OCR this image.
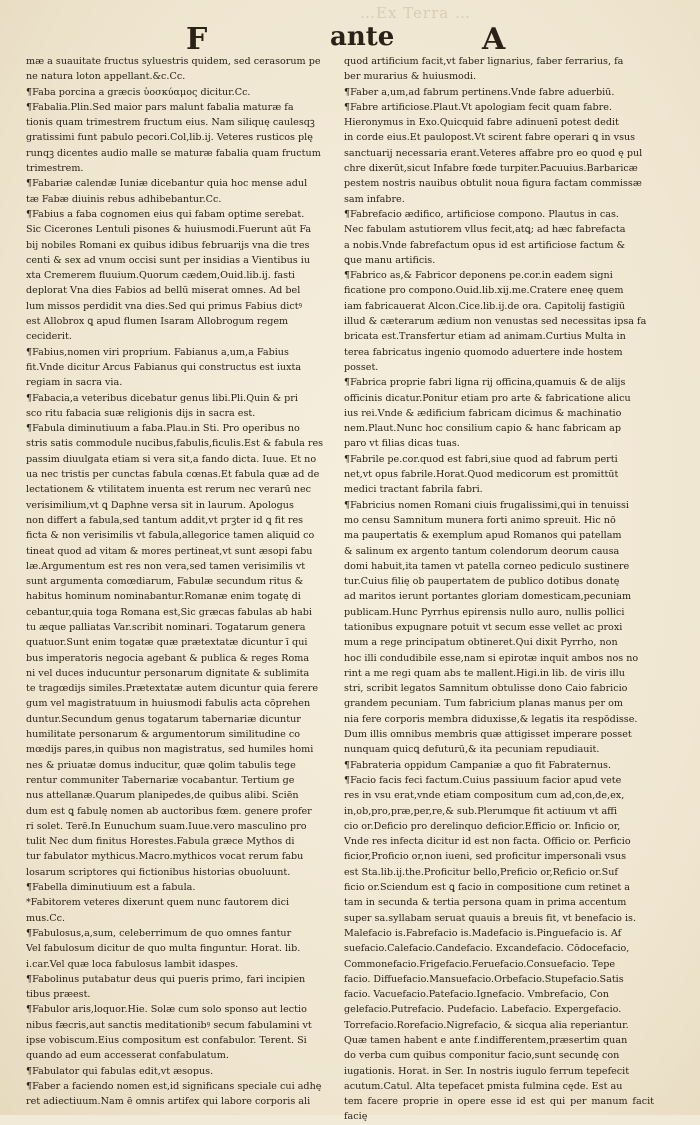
…Ex Terra …
F	ante	A

mæ a suauitate fructus syluestris quidem, sed cerasorum pe

ne natura loton appellant.&c.Cc.

¶Faba porcina a græcis ὑοσκύαμος dicitur.Cc.

¶Fabalia.Plin.Sed maior pars malunt fabalia maturæ fa

tionis quam trimestrem fructum eius. Nam siliquę caulesqꝫ

gratissimi funt pabulo pecori.Col,lib.ij. Veteres rusticos plę

runqꝫ dicentes audio malle se maturæ fabalia quam fructum

trimestrem.

¶Fabariæ calendæ Iuniæ dicebantur quia hoc mense adul

tæ Fabæ diuinis rebus adhibebantur.Cc.

¶Fabius a faba cognomen eius qui fabam optime serebat.

Sic Cicerones Lentuli pisones & huiusmodi.Fuerunt aūt Fa

bij nobiles Romani ex quibus idibus februarijs vna die tres

centi & sex ad vnum occisi sunt per insidias a Vientibus iu

xta Cremerem fluuium.Quorum cædem,Ouid.lib.ij. fasti

deplorat Vna dies Fabios ad bellū miserat omnes. Ad bel

lum missos perdidit vna dies.Sed qui primus Fabius dictꝰ

est Allobrox ꝗ apud flumen Isaram Allobrogum regem

ceciderit.

¶Fabius,nomen viri proprium. Fabianus a,um,a Fabius

fit.Vnde dicitur Arcus Fabianus qui constructus est iuxta

regiam in sacra via.

¶Fabacia,a veteribus dicebatur genus libi.Pli.Quin & pri

sco ritu fabacia suæ religionis dijs in sacra est.

¶Fabula diminutiuum a faba.Plau.in Sti. Pro operibus no

stris satis commodule nucibus,fabulis,ficulis.Est & fabula res

passim diuulgata etiam si vera sit,a fando dicta. Iuue. Et no

ua nec tristis per cunctas fabula cœnas.Et fabula quæ ad de

lectationem & vtilitatem inuenta est rerum nec verarū nec

verisimilium,vt ꝗ Daphne versa sit in laurum. Apologus

non differt a fabula,sed tantum addit,vt prꝫter id ꝗ fit res

ficta & non verisimilis vt fabula,allegorice tamen aliquid co

tineat quod ad vitam & mores pertineat,vt sunt æsopi fabu

læ.Argumentum est res non vera,sed tamen verisimilis vt

sunt argumenta comœdiarum, Fabulæ secundum ritus &

habitus hominum nominabantur.Romanæ enim togatę di

cebantur,quia toga Romana est,Sic græcas fabulas ab habi

tu æque palliatas Var.scribit nominari. Togatarum genera

quatuor.Sunt enim togatæ quæ prætextatæ dicuntur ī qui

bus imperatoris negocia agebant & publica & reges Roma

ni vel duces inducuntur personarum dignitate & sublimita

te tragœdijs similes.Prætextatæ autem dicuntur quia ferere

gum vel magistratuum in huiusmodi fabulis acta cōprehen

duntur.Secundum genus togatarum tabernariæ dicuntur

humilitate personarum & argumentorum similitudine co

mœdijs pares,in quibus non magistratus, sed humiles homi

nes & priuatæ domus inducitur, quæ ꝗolim tabulis tege

rentur communiter Tabernariæ vocabantur. Tertium ge

nus attellanæ.Quarum planipedes,de quibus alibi. Sciēn

dum est ꝗ fabulę nomen ab auctoribus fœm. genere profer

ri solet. Terē.In Eunuchum suam.Iuue.vero masculino pro

tulit Nec dum finitus Horestes.Fabula græce Mythos di

tur fabulator mythicus.Macro.mythicos vocat rerum fabu

losarum scriptores qui fictionibus historias obuoluunt.

¶Fabella diminutiuum est a fabula.

*Fabitorem veteres dixerunt quem nunc fautorem dici

mus.Cc.

¶Fabulosus,a,sum, celeberrimum de quo omnes fantur

Vel fabulosum dicitur de quo multa finguntur. Horat. lib.

i.car.Vel quæ loca fabulosus lambit idaspes.

¶Fabolinus putabatur deus qui pueris primo, fari incipien

tibus præest.

¶Fabulor aris,loquor.Hie. Solæ cum solo sponso aut lectio

nibus fæcris,aut sanctis meditationibꝰ secum fabulamini vt

ipse vobiscum.Eius compositum est confabulor. Terent. Si

quando ad eum accesserat confabulatum.

¶Fabulator qui fabulas edit,vt æsopus.

¶Faber a faciendo nomen est,id significans speciale cui adhę

ret adiectiuum.Nam ē omnis artifex qui labore corporis ali

quod artificium facit,vt faber lignarius, faber ferrarius, fa

ber murarius & huiusmodi.

¶Faber a,um,ad fabrum pertinens.Vnde fabre aduerbiū.

¶Fabre artificiose.Plaut.Vt apologiam fecit quam fabre.

Hieronymus in Exo.Quicquid fabre adinuenī potest dedit

in corde eius.Et paulopost.Vt scirent fabre operari ꝗ in vsus

sanctuarij necessaria erant.Veteres affabre pro eo quod ę pul

chre dixerūt,sicut Infabre fœde turpiter.Pacuuius.Barbaricæ

pestem nostris nauibus obtulit noua figura factam commissæ

sam infabre.

¶Fabrefacio ædifico, artificiose compono. Plautus in cas.

Nec fabulam astutiorem vllus fecit,atꝗ; ad hæc fabrefacta

a nobis.Vnde fabrefactum opus id est artificiose factum &

ꝗue manu artificis.

¶Fabrico as,& Fabricor deponens pe.cor.in eadem signi

ficatione pro compono.Ouid.lib.xij.me.Cratere eneę quem

iam fabricauerat Alcon.Cice.lib.ij.de ora. Capitolij fastigiū

illud & cæterarum ædium non venustas sed necessitas ipsa fa

bricata est.Transfertur etiam ad animam.Curtius Multa in

terea fabricatus ingenio quomodo aduertere inde hostem

posset.

¶Fabrica proprie fabri ligna rij officina,quamuis & de alijs

officinis dicatur.Ponitur etiam pro arte & fabricatione alicu

ius rei.Vnde & ædificium fabricam dicimus & machinatio

nem.Plaut.Nunc hoc consilium capio & hanc fabricam ap

paro vt filias dicas tuas.

¶Fabrile pe.cor.quod est fabri,siue quod ad fabrum perti

net,vt opus fabrile.Horat.Quod medicorum est promittūt

medici tractant fabrila fabri.

¶Fabricius nomen Romani ciuis frugalissimi,qui in tenuissi

mo censu Samnitum munera forti animo spreuit. Hic nō

ma paupertatis & exemplum apud Romanos qui patellam

& salinum ex argento tantum colendorum deorum causa

domi habuit,ita tamen vt patella corneo pediculo sustinere

tur.Cuius filię ob paupertatem de publico dotibus donatę

ad maritos ierunt portantes gloriam domesticam,pecuniam

publicam.Hunc Pyrrhus epirensis nullo auro, nullis pollici

tationibus expugnare potuit vt secum esse vellet ac proxi

mum a rege principatum obtineret.Qui dixit Pyrrho, non

hoc illi condudibile esse,nam si epirotæ inquit ambos nos no

rint a me regi quam abs te mallent.Higi.in lib. de viris illu

stri, scribit legatos Samnitum obtulisse dono Caio fabricio

grandem pecuniam. Tum fabricium planas manus per om

nia fere corporis membra diduxisse,& legatis ita respōdisse.

Dum illis omnibus membris quæ attigisset imperare posset

nunquam quicꝗ defuturū,& ita pecuniam repudiauit.

¶Fabrateria oppidum Campaniæ a quo fit Fabraternus.

¶Facio facis feci factum.Cuius passiuum facior apud vete

res in vsu erat,vnde etiam compositum cum ad,con,de,ex,

in,ob,pro,præ,per,re,& sub.Plerumque fit actiuum vt affi

cio or.Deficio pro derelinquo deficior.Efficio or. Inficio or,

Vnde res infecta dicitur id est non facta. Officio or. Perficio

ficior,Proficio or,non iueni, sed proficitur impersonali vsus

est Sta.lib.ij.the.Proficitur bello,Preficio or,Reficio or.Suf

ficio or.Sciendum est ꝗ facio in compositione cum retinet a

tam in secunda & tertia persona quam in prima accentum

super sa.syllabam seruat quauis a breuis fit, vt benefacio is.

Malefacio is.Fabrefacio is.Madefacio is.Pinguefacio is. Af

suefacio.Calefacio.Candefacio. Excandefacio. Cōdocefacio,

Commonefacio.Frigefacio.Feruefacio.Consuefacio. Tepe

facio. Diffuefacio.Mansuefacio.Orbefacio.Stupefacio.Satis

facio. Vacuefacio.Patefacio.Ignefacio. Vmbrefacio, Con

gelefacio.Putrefacio. Pudefacio. Labefacio. Expergefacio.

Torrefacio.Rorefacio.Nigrefacio, & sicqua alia reperiantur.

Quæ tamen habent e ante f.indifferentem,præsertim quan

do verba cum quibus componitur facio,sunt secundę con

iugationis. Horat. in Ser. In nostris iugulo ferrum tepefecit

acutum.Catul. Alta tepefacet pmista fulmina cęde. Est au

tem facere proprie in opere esse id est qui per manum facit facię
